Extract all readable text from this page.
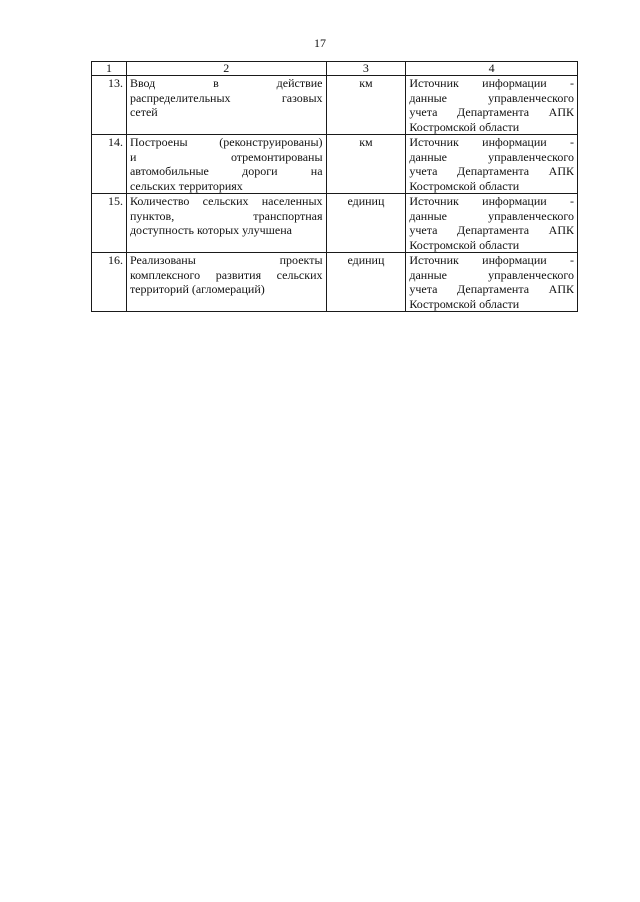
17
1	2	3	4
13.	Ввод в действие
распределительных газовых
сетей	км	Источник информации -
данные управленческого
учета Департамента АПК
Костромской области

14.	Построены (реконструированы)
и отремонтированы
автомобильные дороги на
сельских территориях	км	Источник информации -
данные управленческого
учета Департамента АПК
Костромской области

15.	Количество сельских населенных
пунктов, транспортная
доступность которых улучшена	единиц	Источник информации -
данные управленческого
учета Департамента АПК
Костромской области

16.	Реализованы проекты
комплексного развития сельских
территорий (агломераций)	единиц	Источник информации -
данные управленческого
учета Департамента АПК
Костромской области
